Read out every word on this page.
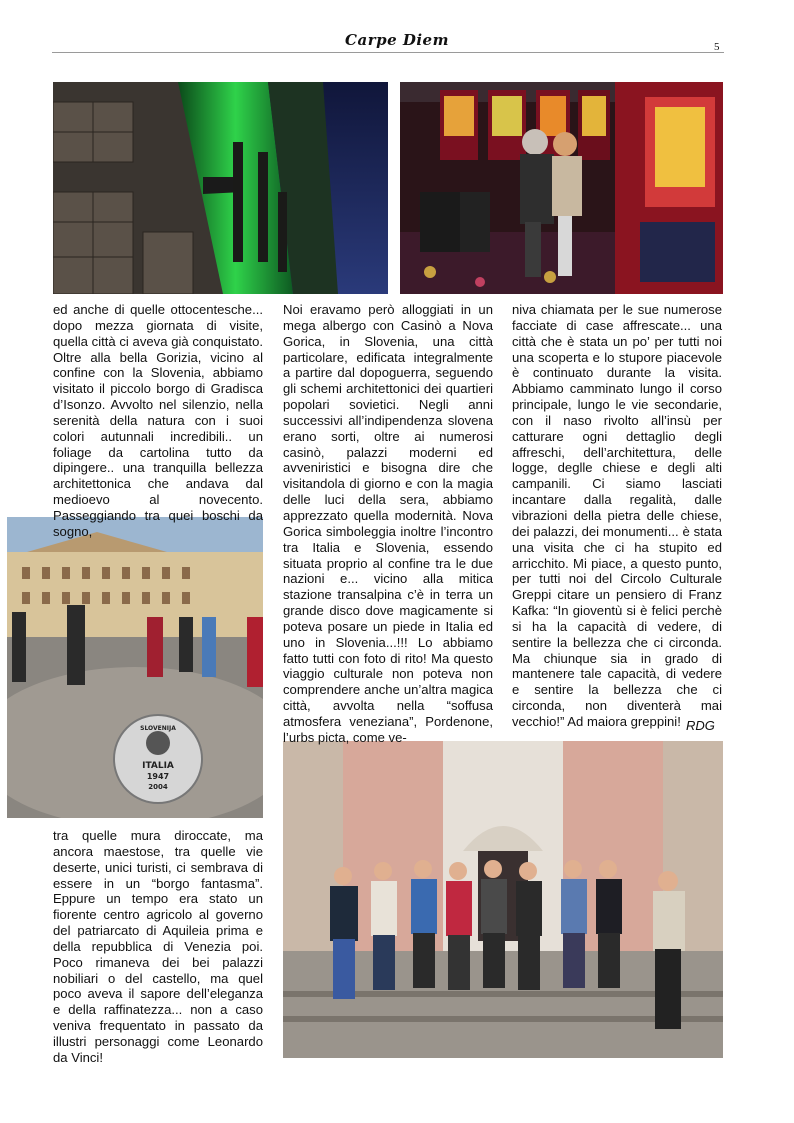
Carpe Diem	5
SLOVENIJA
ITALIA
1947
2004

ed anche di quelle ottocentesche... dopo mezza giornata di visite, quella città ci aveva già conquistato. Oltre alla bella Gorizia, vicino al confine con la Slovenia, abbiamo visitato il piccolo borgo di Gradisca d’Isonzo. Avvolto nel silenzio, nella serenità della natura con i suoi colori autunnali incredibili.. un foliage da cartolina tutto da dipingere.. una tranquilla bellezza architettonica che andava dal medioevo al novecento. Passeggiando tra quei boschi da sogno,

tra quelle mura diroccate, ma ancora maestose, tra quelle vie deserte, unici turisti, ci sembrava di essere in un “borgo fantasma”. Eppure un tempo era stato un fiorente centro agricolo al governo del patriarcato di Aquileia prima e della repubblica di Venezia poi. Poco rimaneva dei bei palazzi nobiliari o del castello, ma quel poco aveva il sapore dell’eleganza e della raffinatezza... non a caso veniva frequentato in passato da illustri personaggi come Leonardo da Vinci!

Noi eravamo però alloggiati in un mega albergo con Casinò a Nova Gorica, in Slovenia, una città particolare, edificata integralmente a partire dal dopoguerra, seguendo gli schemi architettonici dei quartieri popolari sovietici. Negli anni successivi all’indipendenza slovena erano sorti, oltre ai numerosi casinò, palazzi moderni ed avveniristici e bisogna dire che visitandola di giorno e con la magia delle luci della sera, abbiamo apprezzato quella modernità. Nova Gorica simboleggia inoltre l’incontro tra Italia e Slovenia, essendo situata proprio al confine tra le due nazioni e... vicino alla mitica stazione transalpina c’è in terra un grande disco dove magicamente si poteva posare un piede in Italia ed uno in Slovenia...!!! Lo abbiamo fatto tutti con foto di rito! Ma questo viaggio culturale non poteva non comprendere anche un’altra magica città, avvolta nella “soffusa atmosfera veneziana”, Pordenone, l’urbs picta, come ve-

niva chiamata per le sue numerose facciate di case affrescate... una città che è stata un po’ per tutti noi una scoperta e lo stupore piacevole è continuato durante la visita. Abbiamo camminato lungo il corso principale, lungo le vie secondarie, con il naso rivolto all’insù per catturare ogni dettaglio degli affreschi, dell’architettura, delle logge, deglle chiese e degli alti campanili. Ci siamo lasciati incantare dalla regalità, dalle vibrazioni della pietra delle chiese, dei palazzi, dei monumenti... è stata una visita che ci ha stupito ed arricchito. Mi piace, a questo punto, per tutti noi del Circolo Culturale Greppi citare un pensiero di Franz Kafka: “In gioventù si è felici perchè si ha la capacità di vedere, di sentire la bellezza che ci circonda. Ma chiunque sia in grado di mantenere tale capacità, di vedere e sentire la bellezza che ci circonda, non diventerà mai vecchio!” Ad maiora greppini! RDG
